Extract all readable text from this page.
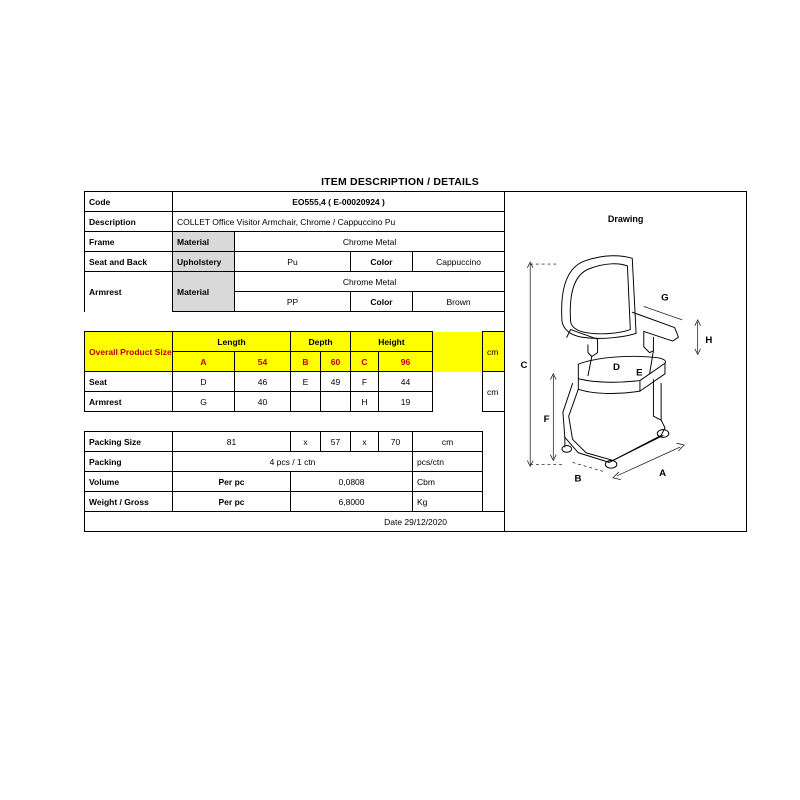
ITEM DESCRIPTION / DETAILS
Code	EO555,4 ( E-00020924 )	
Drawing
C
F
H
G
D
E
B
A

Description	COLLET Office Visitor Armchair, Chrome / Cappuccino Pu									
Frame	Material	Chrome Metal								
Seat and Back	Upholstery	Pu			Color		Cappuccino			
Armrest	Material	Chrome Metal								
		PP			Color		Brown			

Overall Product Size	Length		Depth		Height				cm	
	A	54	B	60	C	96				
Seat	D	46	E	49	F	44			cm	
Armrest	G	40			H	19				

Packing Size	81		x	57	x	70	cm			
Packing	4 pcs / 1 ctn						pcs/ctn			
Volume	Per pc		0,0808				Cbm			
Weight / Gross	Per pc		6,8000				Kg			
Date 29/12/2020										
